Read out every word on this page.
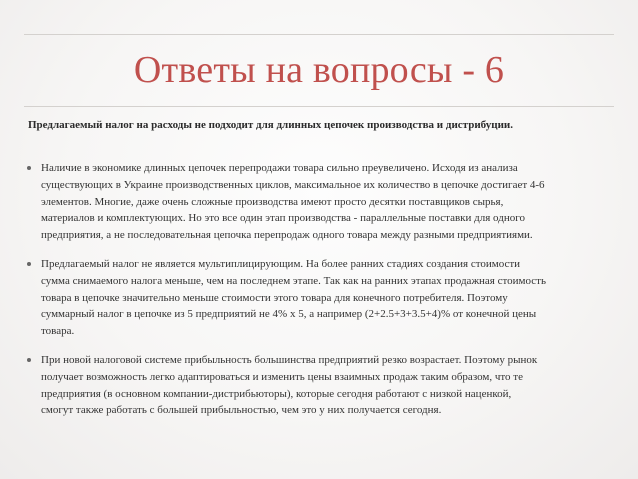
Ответы на вопросы - 6

Предлагаемый налог на расходы не подходит для длинных цепочек производства и дистрибуции.

Наличие в экономике длинных цепочек перепродажи товара сильно преувеличено. Исходя из анализа
существующих в Украине производственных циклов, максимальное их количество в цепочке достигает 4-6
элементов. Многие, даже очень сложные производства имеют просто десятки поставщиков сырья,
материалов и комплектующих. Но это все один этап производства - параллельные поставки для одного
предприятия, а не последовательная цепочка перепродаж одного товара между разными предприятиями.
Предлагаемый налог не является мультиплицирующим. На более ранних стадиях создания стоимости
сумма снимаемого налога меньше, чем на последнем этапе. Так как на ранних этапах продажная стоимость
товара в цепочке значительно меньше стоимости этого товара для конечного потребителя. Поэтому
суммарный налог в цепочке из 5 предприятий не 4% х 5, а например (2+2.5+3+3.5+4)% от конечной цены
товара.
При новой налоговой системе прибыльность большинства предприятий резко возрастает. Поэтому рынок
получает возможность легко адаптироваться и изменить цены взаимных продаж таким образом, что те
предприятия (в основном компании-дистрибьюторы), которые сегодня работают с низкой наценкой,
смогут также работать с большей прибыльностью, чем это у них получается сегодня.
